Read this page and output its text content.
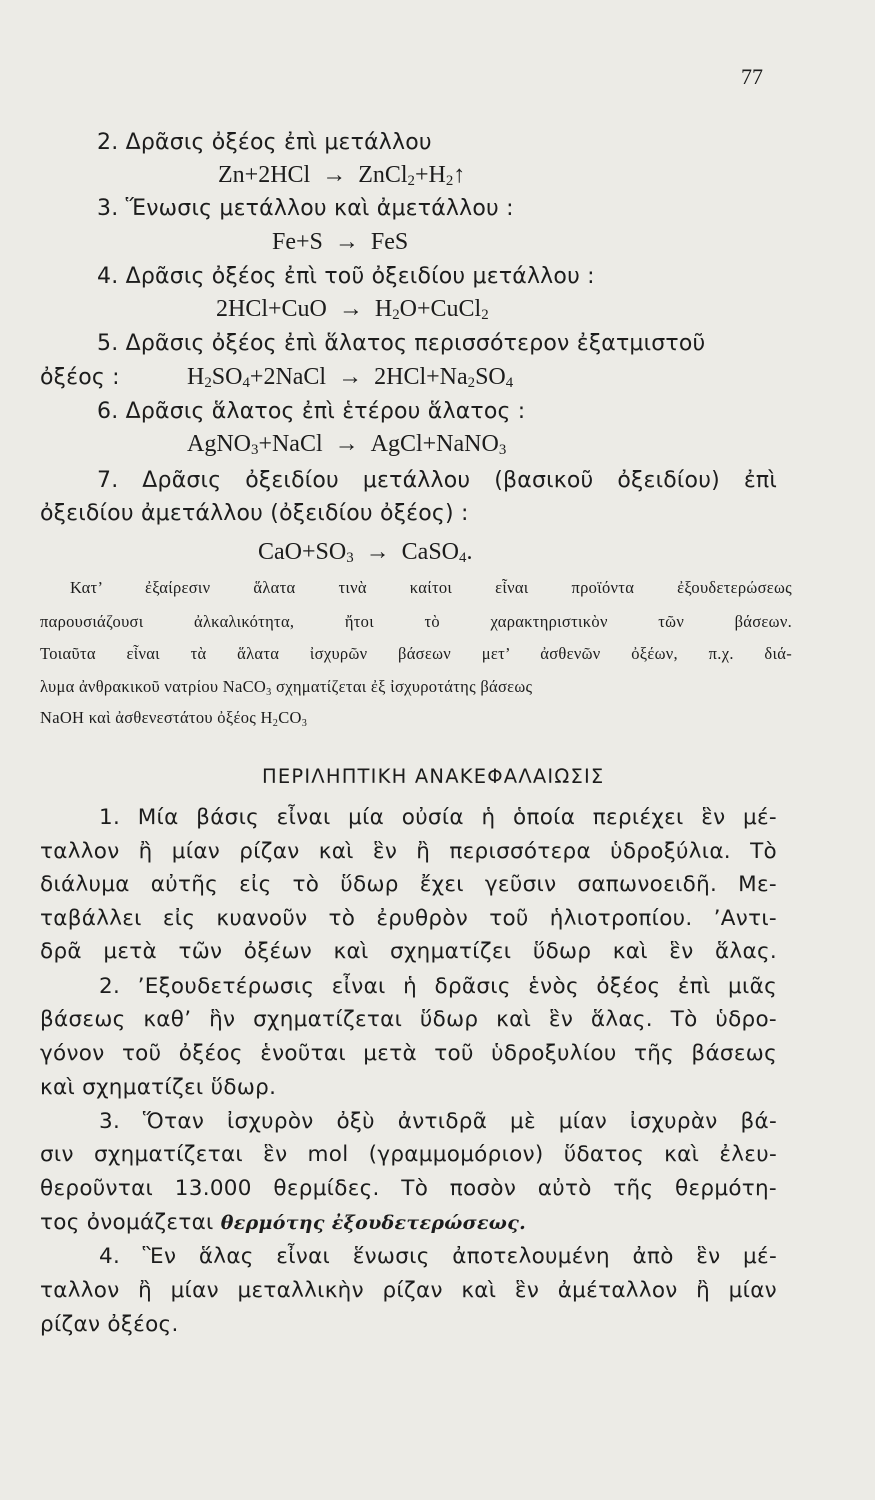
77
2. Δρᾶσις ὀξέος ἐπὶ μετάλλου
$Zn+2HCl \to ZnCl_2+H_2↑$
3. Ἕνωσις μετάλλου καὶ ἀμετάλλου :
Fe+S  →  FeS
4. Δρᾶσις ὀξέος ἐπὶ τοῦ ὀξειδίου μετάλλου :
$2HCl+CuO \to H_2O+CuCl_2$
5. Δρᾶσις ὀξέος ἐπὶ ἅλατος περισσότερον ἐξατμιστοῦ
ὀξέος :	$H_2SO_4+2NaCl \to 2HCl+Na_2SO_4$
6. Δρᾶσις ἅλατος ἐπὶ ἑτέρου ἅλατος :
AgNO$_3$+NaCl  →  AgCl+NaNO$_3$
7. Δρᾶσις ὀξειδίου μετάλλου (βασικοῦ ὀξειδίου) ἐπὶ
ὀξειδίου ἀμετάλλου (ὀξειδίου ὀξέος) :
$CaO+SO_3$ →  CaSO$_4$.
Κατ’ ἐξαίρεσιν ἅλατα τινὰ καίτοι εἶναι προϊόντα ἐξουδετερώσεως
παρουσιάζουσι ἀλκαλικότητα, ἤτοι τὸ χαρακτηριστικὸν τῶν βάσεων.
Τοιαῦτα εἶναι τὰ ἅλατα ἰσχυρῶν βάσεων μετ’ ἀσθενῶν ὀξέων, π.χ. διά-
λυμα ἀνθρακικοῦ νατρίου NaCO$_3$ σχηματίζεται ἐξ ἰσχυροτάτης βάσεως
NaOH καὶ ἀσθενεστάτου ὀξέος $H_2CO_3$
ΠΕΡΙΛΗΠΤΙΚΗ ΑΝΑΚΕΦΑΛΑΙΩΣΙΣ
1. Μία βάσις εἶναι μία οὐσία ἡ ὁποία περιέχει ἓν μέ-
ταλλον ἢ μίαν ρίζαν καὶ ἓν ἢ περισσότερα ὑδροξύλια. Τὸ
διάλυμα αὐτῆς εἰς τὸ ὕδωρ ἔχει γεῦσιν σαπωνοειδῆ. Με-
ταβάλλει εἰς κυανοῦν τὸ ἐρυθρὸν τοῦ ἡλιοτροπίου. ’Αντι-
δρᾶ μετὰ τῶν ὀξέων καὶ σχηματίζει ὕδωρ καὶ ἓν ἅλας.
2. ’Εξουδετέρωσις εἶναι ἡ δρᾶσις ἑνὸς ὀξέος ἐπὶ μιᾶς
βάσεως καθ’ ἣν σχηματίζεται ὕδωρ καὶ ἓν ἅλας. Τὸ ὑδρο-
γόνον τοῦ ὀξέος ἑνοῦται μετὰ τοῦ ὑδροξυλίου τῆς βάσεως
καὶ σχηματίζει ὕδωρ.
3. Ὅταν ἰσχυρὸν ὀξὺ ἀντιδρᾶ μὲ μίαν ἰσχυρὰν βά-
σιν σχηματίζεται ἓν mol (γραμμομόριον) ὕδατος καὶ ἐλευ-
θεροῦνται 13.000 θερμίδες. Τὸ ποσὸν αὐτὸ τῆς θερμότη-
τος ὀνομάζεται θερμότης ἐξουδετερώσεως.
4. Ἓν ἅλας εἶναι ἕνωσις ἀποτελουμένη ἀπὸ ἓν μέ-
ταλλον ἢ μίαν μεταλλικὴν ρίζαν καὶ ἓν ἀμέταλλον ἢ μίαν
ρίζαν ὀξέος.
